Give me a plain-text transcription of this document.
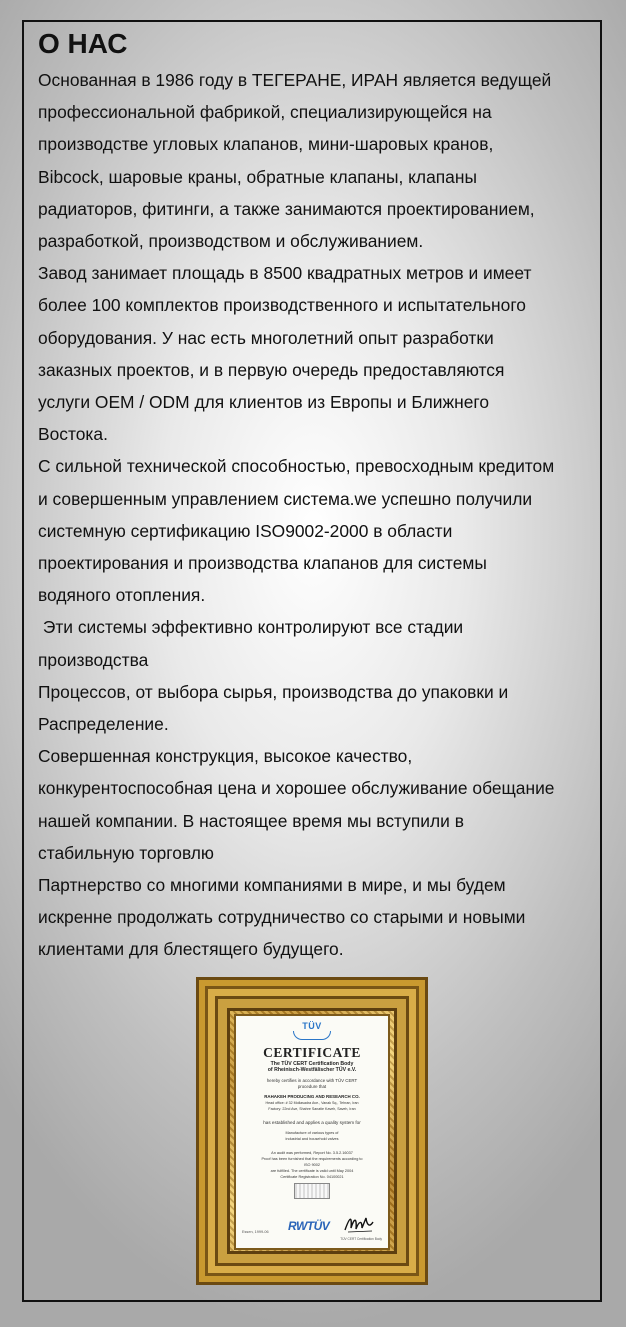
О НАС
Основанная в 1986 году в ТЕГЕРАНЕ, ИРАН является ведущей
профессиональной фабрикой, специализирующейся на
производстве угловых клапанов, мини-шаровых кранов,
Bibcock, шаровые краны, обратные клапаны, клапаны
радиаторов, фитинги, а также занимаются проектированием,
разработкой, производством и обслуживанием.
Завод занимает площадь в 8500 квадратных метров и имеет
более 100 комплектов производственного и испытательного
оборудования. У нас есть многолетний опыт разработки
заказных проектов, и в первую очередь предоставляются
услуги OEM / ODM для клиентов из Европы и Ближнего
Востока.
С сильной технической способностью, превосходным кредитом
и совершенным управлением система.we успешно получили
системную сертификацию ISO9002-2000 в области
проектирования и производства клапанов для системы
водяного отопления.
Эти системы эффективно контролируют все стадии
производства
Процессов, от выбора сырья, производства до упаковки и
Распределение.
Совершенная конструкция, высокое качество,
конкурентоспособная цена и хорошее обслуживание обещание
нашей компании. В настоящее время мы вступили в
стабильную торговлю
Партнерство со многими компаниями в мире, и мы будем
искренне продолжать сотрудничество со старыми и новыми
клиентами для блестящего будущего.
TÜV
CERTIFICATE
The TÜV CERT Certification Body
of Rheinisch-Westfälischer TÜV e.V.
hereby certifies in accordance with TÜV CERT
procedure that
RAHAKEH PRODUCING AND RESEARCH CO.
Head office: # 32 Mollasadra Ave., Vanak Sq., Tehran, Iran
Factory: 22nd Ave, Shahre Sanatie Kaveh, Saveh, Iran
has established and applies a quality system for
Manufacture of various types of
industrial and household valves
An audit was performed, Report No. 3.5.2.16037
Proof has been furnished that the requirements according to
ISO 9002
are fulfilled. The certificate is valid until May 2004
Certificate Registration No. 04100021
Essen, 1999-06 RWTÜV
TÜV CERT Certification Body
